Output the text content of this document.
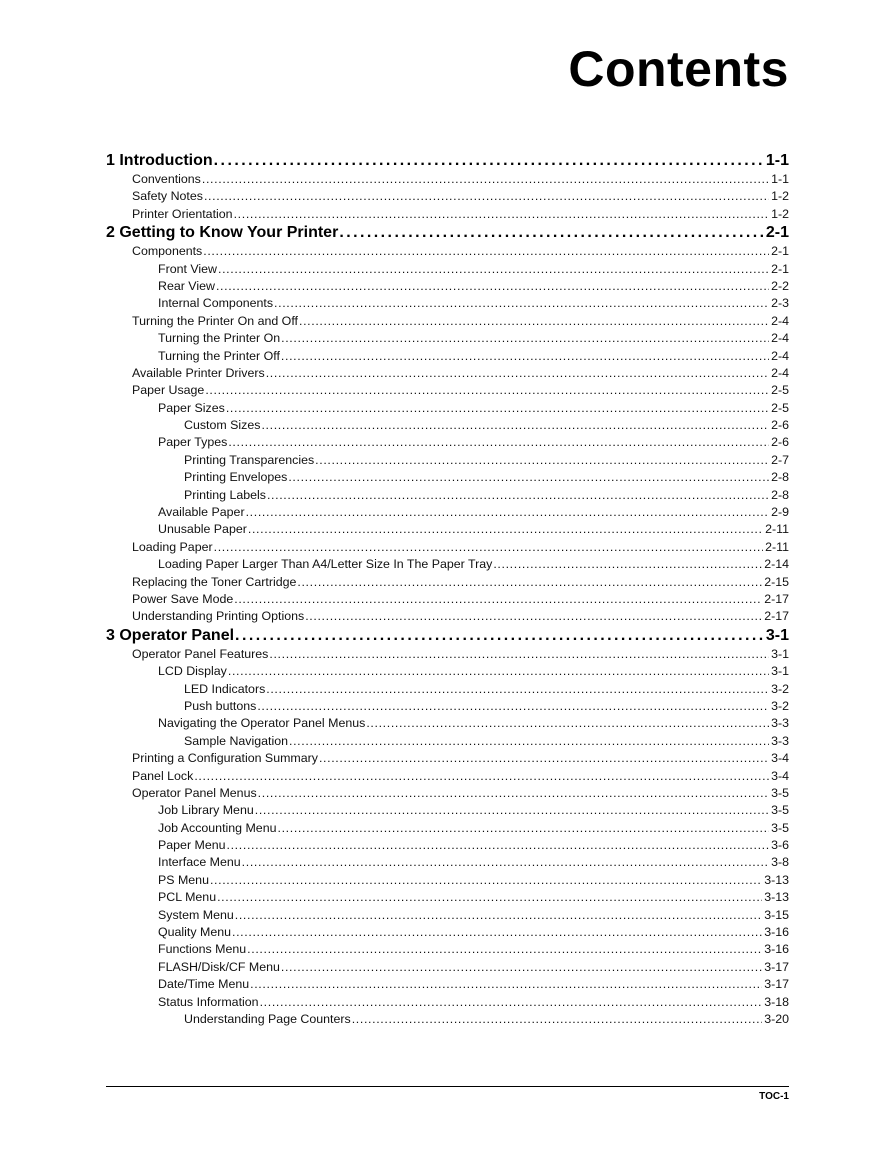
Contents
1 Introduction . . .	1-1
Conventions . . .	1-1
Safety Notes . . .	1-2
Printer Orientation . . .	1-2
2 Getting to Know Your Printer . . .	2-1
Components . . .	2-1
Front View . . .	2-1
Rear View . . .	2-2
Internal Components . . .	2-3
Turning the Printer On and Off . . .	2-4
Turning the Printer On . . .	2-4
Turning the Printer Off . . .	2-4
Available Printer Drivers . . .	2-4
Paper Usage . . .	2-5
Paper Sizes . . .	2-5
Custom Sizes . . .	2-6
Paper Types . . .	2-6
Printing Transparencies . . .	2-7
Printing Envelopes . . .	2-8
Printing Labels . . .	2-8
Available Paper . . .	2-9
Unusable Paper . . .	2-11
Loading Paper . . .	2-11
Loading Paper Larger Than A4/Letter Size In The Paper Tray . . .	2-14
Replacing the Toner Cartridge . . .	2-15
Power Save Mode . . .	2-17
Understanding Printing Options . . .	2-17
3 Operator Panel . . .	3-1
Operator Panel Features . . .	3-1
LCD Display . . .	3-1
LED Indicators . . .	3-2
Push buttons . . .	3-2
Navigating the Operator Panel Menus . . .	3-3
Sample Navigation . . .	3-3
Printing a Configuration Summary . . .	3-4
Panel Lock . . .	3-4
Operator Panel Menus . . .	3-5
Job Library Menu . . .	3-5
Job Accounting Menu . . .	3-5
Paper Menu . . .	3-6
Interface Menu . . .	3-8
PS Menu . . .	3-13
PCL Menu . . .	3-13
System Menu . . .	3-15
Quality Menu . . .	3-16
Functions Menu . . .	3-16
FLASH/Disk/CF Menu . . .	3-17
Date/Time Menu . . .	3-17
Status Information . . .	3-18
Understanding Page Counters . . .	3-20
TOC-1
